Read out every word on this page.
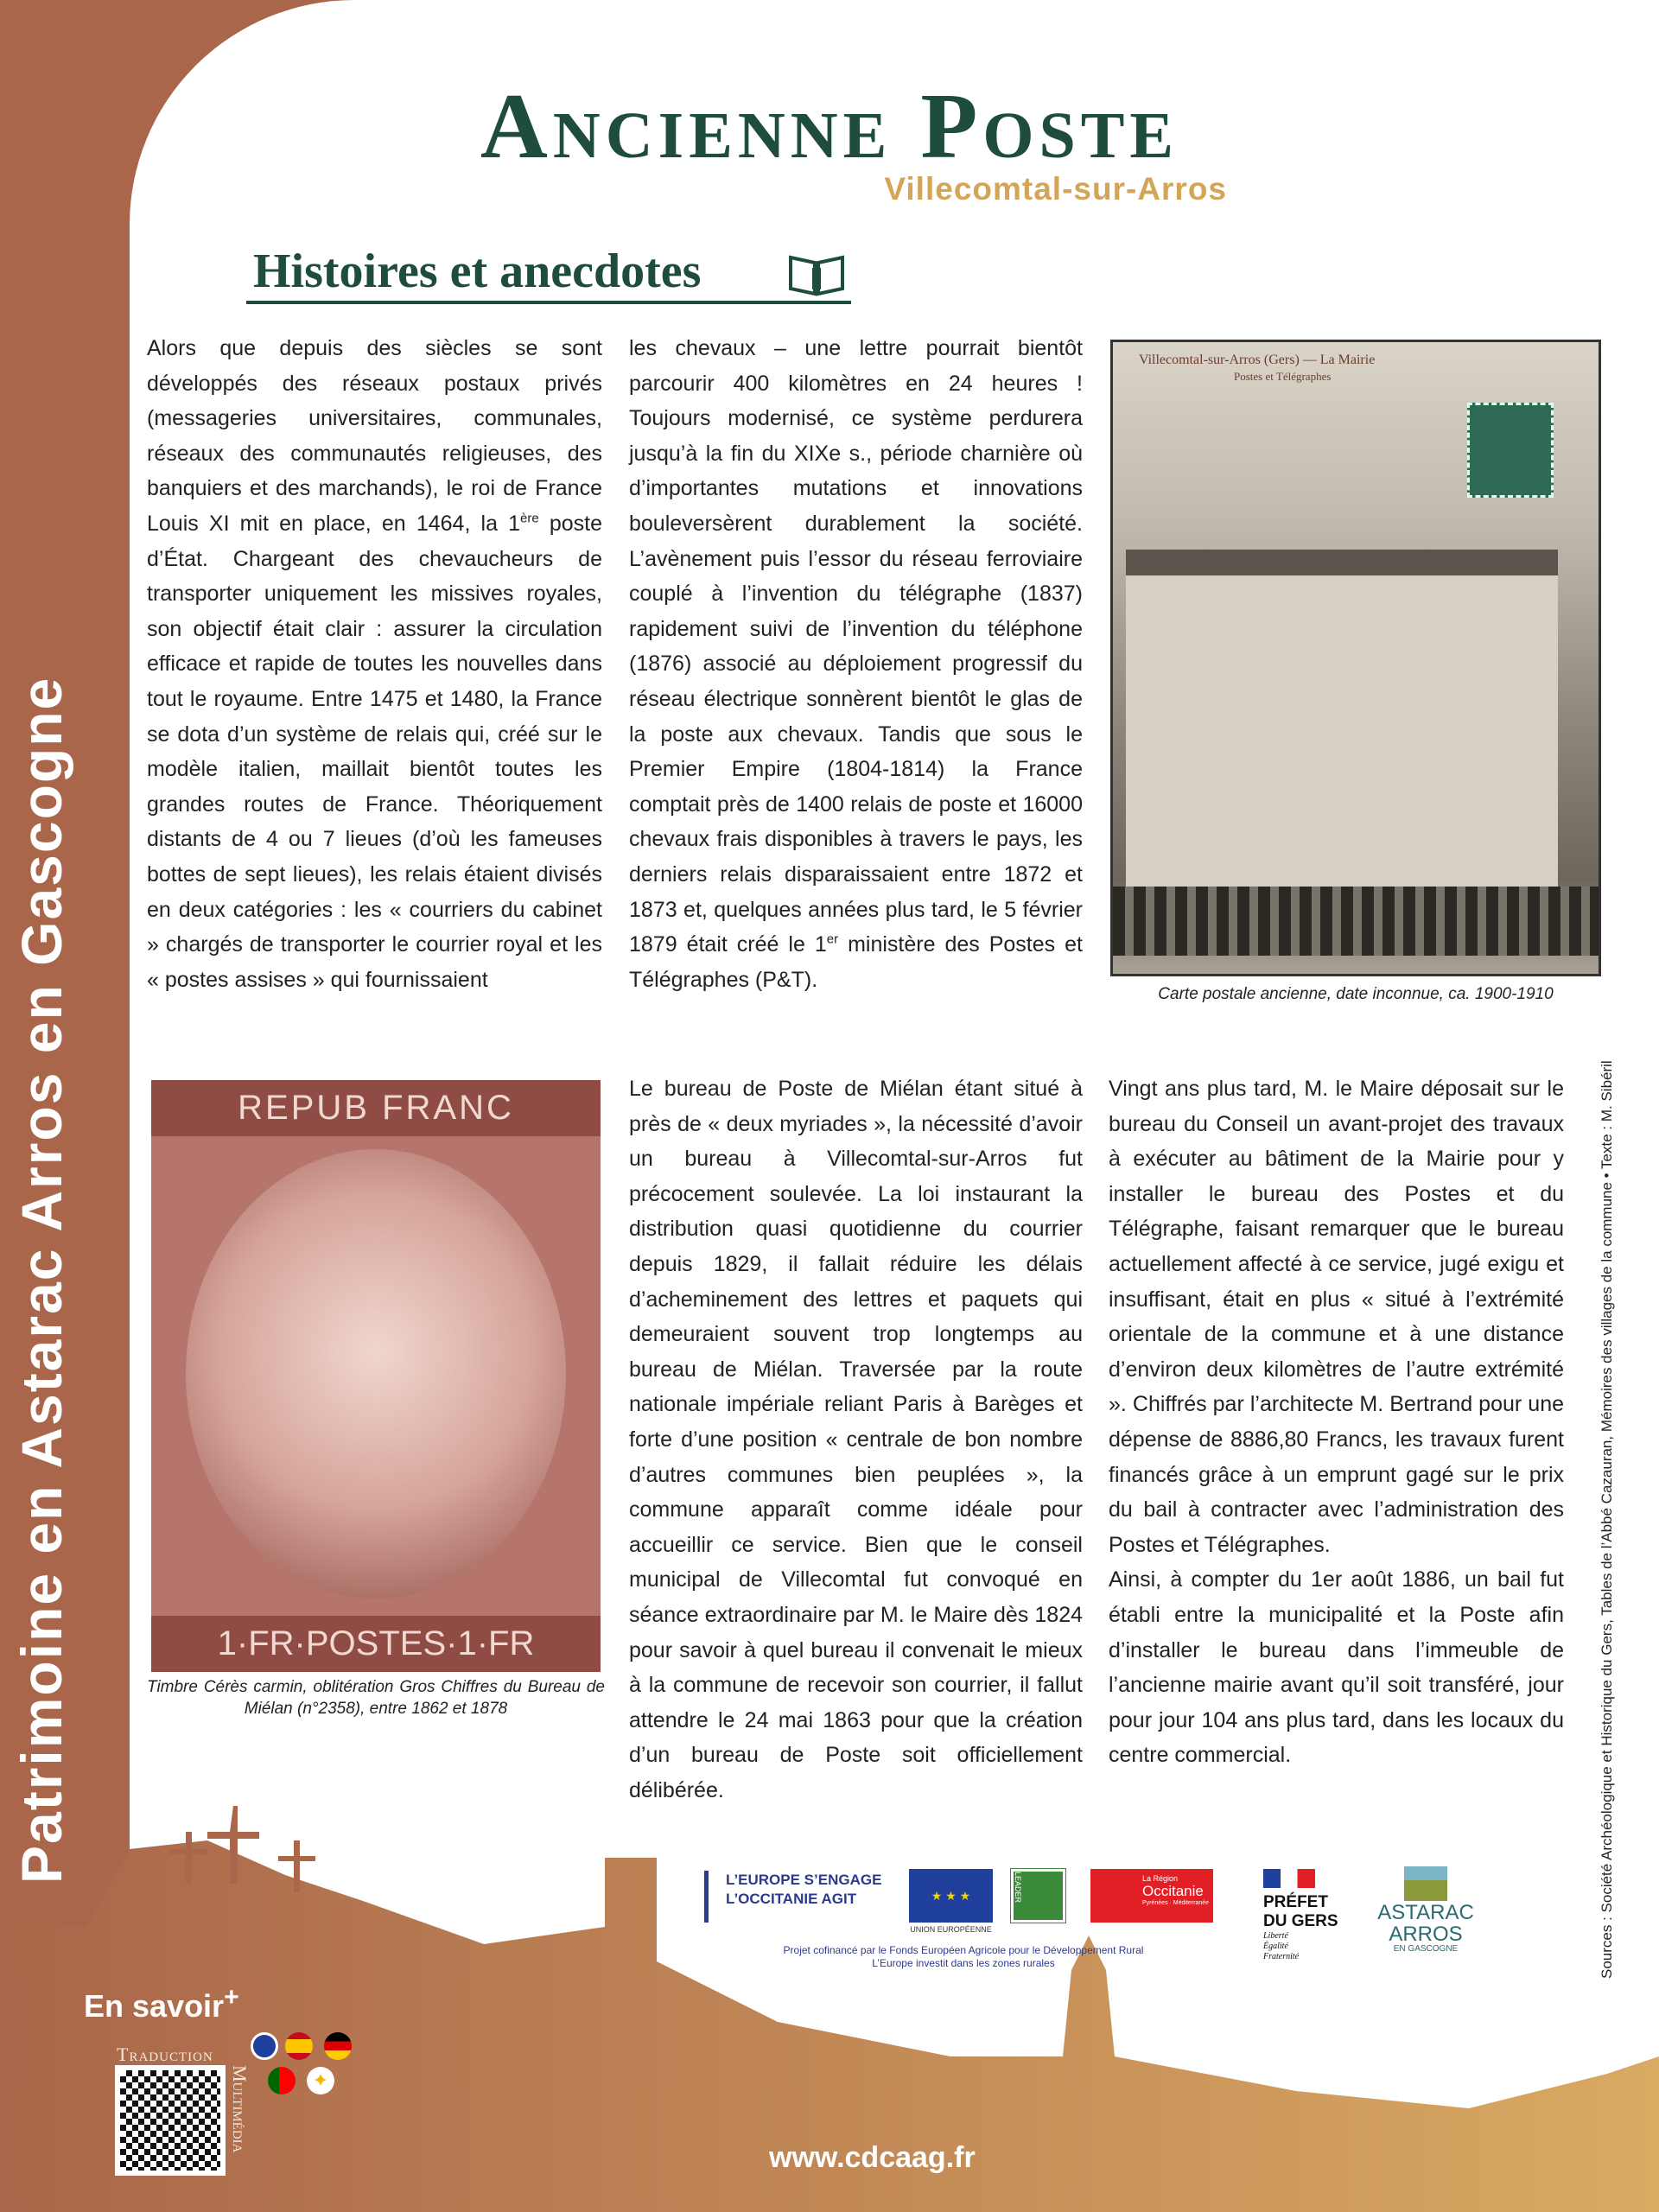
Patrimoine en Astarac Arros en Gascogne
Ancienne Poste
Villecomtal-sur-Arros
Histoires et anecdotes
Alors que depuis des siècles se sont développés des réseaux postaux privés (messageries universitaires, communales, réseaux des communautés religieuses, des banquiers et des marchands), le roi de France Louis XI mit en place, en 1464, la 1ère poste d’État. Chargeant des chevaucheurs de transporter uniquement les missives royales, son objectif était clair : assurer la circulation efficace et rapide de toutes les nouvelles dans tout le royaume. Entre 1475 et 1480, la France se dota d’un système de relais qui, créé sur le modèle italien, maillait bientôt toutes les grandes routes de France. Théoriquement distants de 4 ou 7 lieues (d’où les fameuses bottes de sept lieues), les relais étaient divisés en deux catégories : les « courriers du cabinet » chargés de transporter le courrier royal et les « postes assises » qui fournissaient
les chevaux – une lettre pourrait bientôt parcourir 400 kilomètres en 24 heures ! Toujours modernisé, ce système perdurera jusqu’à la fin du XIXe s., période charnière où d’importantes mutations et innovations bouleversèrent durablement la société. L’avènement puis l’essor du réseau ferroviaire couplé à l’invention du télégraphe (1837) rapidement suivi de l’invention du téléphone (1876) associé au déploiement progressif du réseau électrique sonnèrent bientôt le glas de la poste aux chevaux. Tandis que sous le Premier Empire (1804-1814) la France comptait près de 1400 relais de poste et 16000 chevaux frais disponibles à travers le pays, les derniers relais disparaissaient entre 1872 et 1873 et, quelques années plus tard, le 5 février 1879 était créé le 1er ministère des Postes et Télégraphes (P&T).
Villecomtal-sur-Arros (Gers) — La Mairie
Postes et Télégraphes
Carte postale ancienne, date inconnue, ca. 1900-1910
REPUB FRANC
1·FR·POSTES·1·FR
Timbre Cérès carmin, oblitération Gros Chiffres du Bureau de Miélan (n°2358), entre 1862 et 1878
Le bureau de Poste de Miélan étant situé à près de « deux myriades », la nécessité d’avoir un bureau à Villecomtal-sur-Arros fut précocement soulevée. La loi instaurant la distribution quasi quotidienne du courrier depuis 1829, il fallait réduire les délais d’acheminement des lettres et paquets qui demeuraient souvent trop longtemps au bureau de Miélan. Traversée par la route nationale impériale reliant Paris à Barèges et forte d’une position « centrale de bon nombre d’autres communes bien peuplées », la commune apparaît comme idéale pour accueillir ce service. Bien que le conseil municipal de Villecomtal fut convoqué en séance extraordinaire par M. le Maire dès 1824 pour savoir à quel bureau il convenait le mieux à la commune de recevoir son courrier, il fallut attendre le 24 mai 1863 pour que la création d’un bureau de Poste soit officiellement délibérée.
Vingt ans plus tard, M. le Maire déposait sur le bureau du Conseil un avant-projet des travaux à exécuter au bâtiment de la Mairie pour y installer le bureau des Postes et du Télégraphe, faisant remarquer que le bureau actuellement affecté à ce service, jugé exigu et insuffisant, était en plus « situé à l’extrémité orientale de la commune et à une distance d’environ deux kilomètres de l’autre extrémité ». Chiffrés par l’architecte M. Bertrand pour une dépense de 8886,80 Francs, les travaux furent financés grâce à un emprunt gagé sur le prix du bail à contracter avec l’administration des Postes et Télégraphes.
Ainsi, à compter du 1er août 1886, un bail fut établi entre la municipalité et la Poste afin d’installer le bureau dans l’immeuble de l’ancienne mairie avant qu’il soit transféré, jour pour jour 104 ans plus tard, dans les locaux du centre commercial.	Sources : Société Archéologique et Historique du Gers, Tables de l’Abbé Cazauran, Mémoires des villages de la commune • Texte : M. Sibéril
L’EUROPE S’ENGAGE
L’OCCITANIE AGIT	★ ★ ★
UNION EUROPÉENNE
LEADER	La Région
Occitanie
Pyrénées · Méditerranée
Projet cofinancé par le Fonds Européen Agricole pour le Développement Rural
L’Europe investit dans les zones rurales
PRÉFET
DU GERS
Liberté
Égalité
Fraternité
ASTARAC
ARROS
EN GASCOGNE
En savoir+
Traduction
Multimédia	✦
www.cdcaag.fr
